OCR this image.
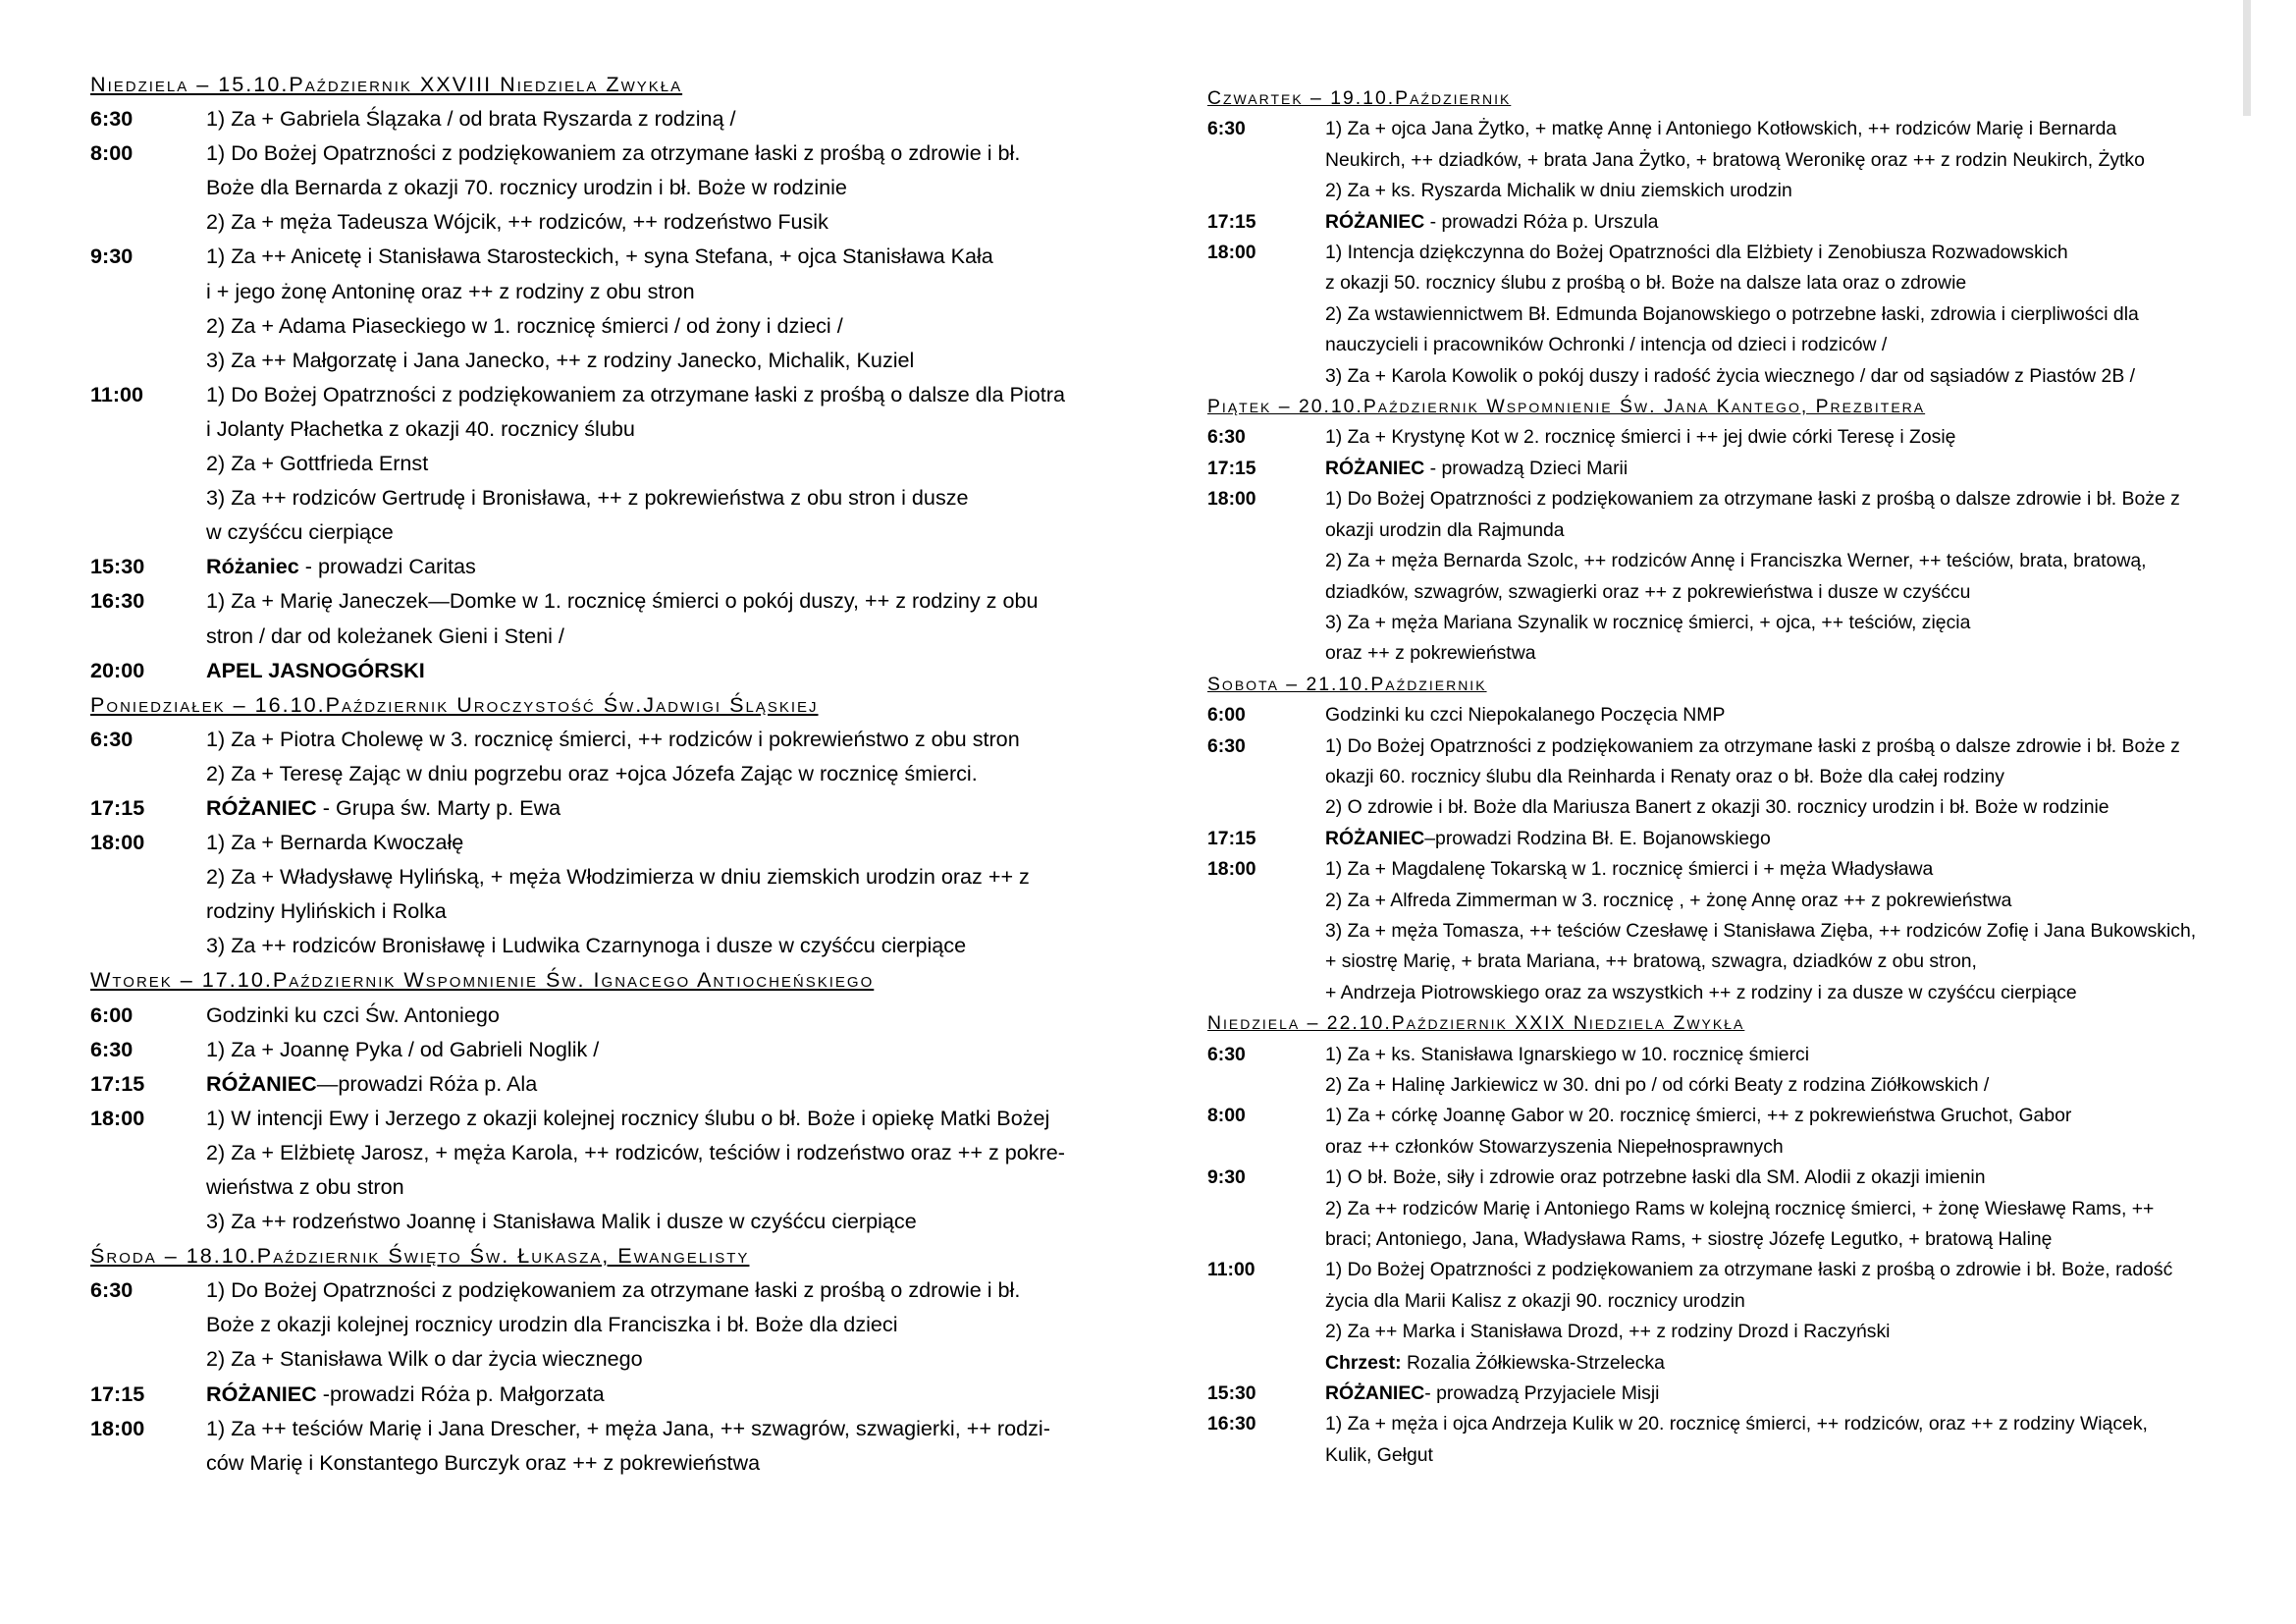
Niedziela – 15.10.Październik XXVIII Niedziela Zwykła
6:30	1) Za + Gabriela Ślązaka / od brata Ryszarda z rodziną /
8:00	1) Do Bożej Opatrzności z podziękowaniem za otrzymane łaski z prośbą o zdrowie i bł.
Boże dla Bernarda z okazji 70. rocznicy urodzin i bł. Boże w rodzinie
2) Za + męża Tadeusza Wójcik, ++ rodziców, ++ rodzeństwo Fusik
9:30	1) Za ++ Anicetę i Stanisława Starosteckich, + syna Stefana, + ojca Stanisława Kała
i + jego żonę Antoninę oraz ++ z rodziny z obu stron
2) Za + Adama Piaseckiego w 1. rocznicę śmierci / od żony i dzieci /
3) Za ++ Małgorzatę i Jana Janecko, ++ z rodziny Janecko, Michalik, Kuziel
11:00	1) Do Bożej Opatrzności z podziękowaniem za otrzymane łaski z prośbą o dalsze dla Piotra
i Jolanty Płachetka z okazji 40. rocznicy ślubu
2) Za + Gottfrieda Ernst
3) Za ++ rodziców Gertrudę i Bronisława, ++ z pokrewieństwa z obu stron i dusze
w czyśćcu cierpiące
15:30	Różaniec - prowadzi Caritas
16:30	1) Za + Marię Janeczek—Domke w 1. rocznicę śmierci o pokój duszy, ++ z rodziny z obu
stron / dar od koleżanek Gieni i Steni /
20:00	APEL JASNOGÓRSKI
Poniedziałek – 16.10.Październik Uroczystość Św.Jadwigi Śląskiej
6:30	1) Za + Piotra Cholewę w 3. rocznicę śmierci, ++ rodziców i pokrewieństwo z obu stron
2) Za + Teresę Zając w dniu pogrzebu oraz +ojca Józefa Zając w rocznicę śmierci.
17:15	RÓŻANIEC - Grupa św. Marty p. Ewa
18:00	1) Za + Bernarda Kwoczałę
2) Za + Władysławę Hylińską, + męża Włodzimierza w dniu ziemskich urodzin oraz ++ z
rodziny Hylińskich i Rolka
3) Za ++ rodziców Bronisławę i Ludwika Czarnynoga i dusze w czyśćcu cierpiące
Wtorek – 17.10.Październik Wspomnienie Św. Ignacego Antiocheńskiego
6:00	Godzinki ku czci Św. Antoniego
6:30	1) Za + Joannę Pyka / od Gabrieli Noglik /
17:15	RÓŻANIEC—prowadzi Róża p. Ala
18:00	1) W intencji Ewy i Jerzego z okazji kolejnej rocznicy ślubu o bł. Boże i opiekę Matki Bożej
2) Za + Elżbietę Jarosz, + męża Karola, ++ rodziców, teściów i rodzeństwo oraz ++ z pokre-
wieństwa z obu stron
3) Za ++ rodzeństwo Joannę i Stanisława Malik i dusze w czyśćcu cierpiące
Środa – 18.10.Październik Święto Św. Łukasza, Ewangelisty
6:30	1) Do Bożej Opatrzności z podziękowaniem za otrzymane łaski z prośbą o zdrowie i bł.
Boże z okazji kolejnej rocznicy urodzin dla Franciszka i bł. Boże dla dzieci
2) Za + Stanisława Wilk o dar życia wiecznego
17:15	RÓŻANIEC -prowadzi Róża p. Małgorzata
18:00	1) Za ++ teściów Marię i Jana Drescher, + męża Jana, ++ szwagrów, szwagierki, ++ rodzi-
ców Marię i Konstantego Burczyk oraz ++ z pokrewieństwa
Czwartek – 19.10.Październik
6:30	1) Za + ojca Jana Żytko, + matkę Annę i Antoniego Kotłowskich, ++ rodziców Marię i Bernarda
Neukirch, ++ dziadków, + brata Jana Żytko, + bratową Weronikę oraz ++ z rodzin Neukirch, Żytko
2) Za + ks. Ryszarda Michalik w dniu ziemskich urodzin
17:15	RÓŻANIEC - prowadzi Róża p. Urszula
18:00	1) Intencja dziękczynna do Bożej Opatrzności dla Elżbiety i Zenobiusza Rozwadowskich
z okazji 50. rocznicy ślubu z prośbą o bł. Boże na dalsze lata oraz o zdrowie
2) Za wstawiennictwem Bł. Edmunda Bojanowskiego o potrzebne łaski, zdrowia i cierpliwości dla
nauczycieli i pracowników Ochronki / intencja od dzieci i rodziców /
3) Za + Karola Kowolik o pokój duszy i radość życia wiecznego / dar od sąsiadów z Piastów 2B /
Piątek – 20.10.Październik Wspomnienie Św. Jana Kantego, Prezbitera
6:30	1) Za + Krystynę Kot w 2. rocznicę śmierci i ++ jej dwie córki Teresę i Zosię
17:15	RÓŻANIEC - prowadzą Dzieci Marii
18:00	1) Do Bożej Opatrzności z podziękowaniem za otrzymane łaski z prośbą o dalsze zdrowie i bł. Boże z
okazji urodzin dla Rajmunda
2) Za + męża Bernarda Szolc, ++ rodziców Annę i Franciszka Werner, ++ teściów, brata, bratową,
dziadków, szwagrów, szwagierki oraz ++ z pokrewieństwa i dusze w czyśćcu
3) Za + męża Mariana Szynalik w rocznicę śmierci, + ojca, ++ teściów, zięcia
oraz ++ z pokrewieństwa
Sobota – 21.10.Październik
6:00	Godzinki ku czci Niepokalanego Poczęcia NMP
6:30	1) Do Bożej Opatrzności z podziękowaniem za otrzymane łaski z prośbą o dalsze zdrowie i bł. Boże z
okazji 60. rocznicy ślubu dla Reinharda i Renaty oraz o bł. Boże dla całej rodziny
2) O zdrowie i bł. Boże dla Mariusza Banert z okazji 30. rocznicy urodzin i bł. Boże w rodzinie
17:15	RÓŻANIEC–prowadzi Rodzina Bł. E. Bojanowskiego
18:00	1) Za + Magdalenę Tokarską w 1. rocznicę śmierci i + męża Władysława
2) Za + Alfreda Zimmerman w 3. rocznicę , + żonę Annę oraz ++ z pokrewieństwa
3) Za + męża Tomasza, ++ teściów Czesławę i Stanisława Zięba, ++ rodziców Zofię i Jana Bukowskich,
+ siostrę Marię, + brata Mariana, ++ bratową, szwagra, dziadków z obu stron,
+ Andrzeja Piotrowskiego oraz za wszystkich ++ z rodziny i za dusze w czyśćcu cierpiące
Niedziela – 22.10.Październik XXIX Niedziela Zwykła
6:30	1) Za + ks. Stanisława Ignarskiego w 10. rocznicę śmierci
2) Za + Halinę Jarkiewicz w 30. dni po / od córki Beaty z rodzina Ziółkowskich /
8:00	1) Za + córkę Joannę Gabor w 20. rocznicę śmierci, ++ z pokrewieństwa Gruchot, Gabor
oraz ++ członków Stowarzyszenia Niepełnosprawnych
9:30	1) O bł. Boże, siły i zdrowie oraz potrzebne łaski dla SM. Alodii z okazji imienin
2) Za ++ rodziców Marię i Antoniego Rams w kolejną rocznicę śmierci, + żonę Wiesławę Rams, ++
braci; Antoniego, Jana, Władysława Rams, + siostrę Józefę Legutko, + bratową Halinę
11:00	1) Do Bożej Opatrzności z podziękowaniem za otrzymane łaski z prośbą o zdrowie i bł. Boże, radość
życia dla Marii Kalisz z okazji 90. rocznicy urodzin
2) Za ++ Marka i Stanisława Drozd, ++ z rodziny Drozd i Raczyński
Chrzest: Rozalia Żółkiewska-Strzelecka
15:30	RÓŻANIEC- prowadzą Przyjaciele Misji
16:30	1) Za + męża i ojca Andrzeja Kulik w 20. rocznicę śmierci, ++ rodziców, oraz ++ z rodziny Wiącek,
Kulik, Gełgut
